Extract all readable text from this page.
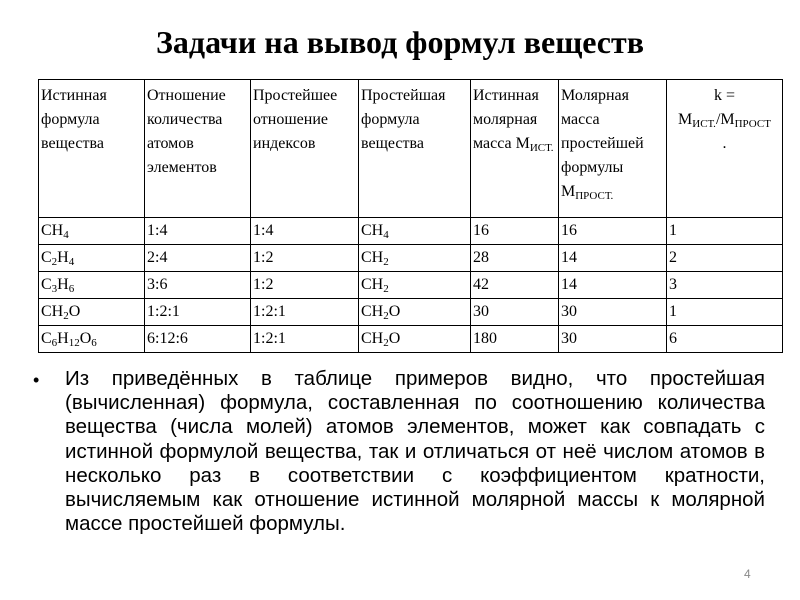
Задачи на вывод формул веществ
Истинная формула вещества	Отношение количества атомов элементов	Простейшее отношение индексов	Простейшая формула вещества	Истинная молярная масса $М_{ИСТ.}$	Молярная масса простейшей формулы $М_{ПРОСТ.}$	k =
$М_{ИСТ.}/М_{ПРОСТ}$
.
$CH_4$	1:4	1:4	$CH_4$	16	16	1
$C_2H_4$	2:4	1:2	$CH_2$	28	14	2
$C_3H_6$	3:6	1:2	$CH_2$	42	14	3
$CH_2O$	1:2:1	1:2:1	$CH_2O$	30	30	1
$C_6H_{12}O_6$	6:12:6	1:2:1	$CH_2O$	180	30	6
• Из приведённых в таблице примеров видно, что простейшая (вычисленная) формула, составленная по соотношению количества вещества (числа молей) атомов элементов, может как совпадать с истинной формулой вещества, так и отличаться от неё числом атомов в несколько раз в соответствии с коэффициентом кратности, вычисляемым как отношение истинной молярной массы к молярной массе простейшей формулы.
4
